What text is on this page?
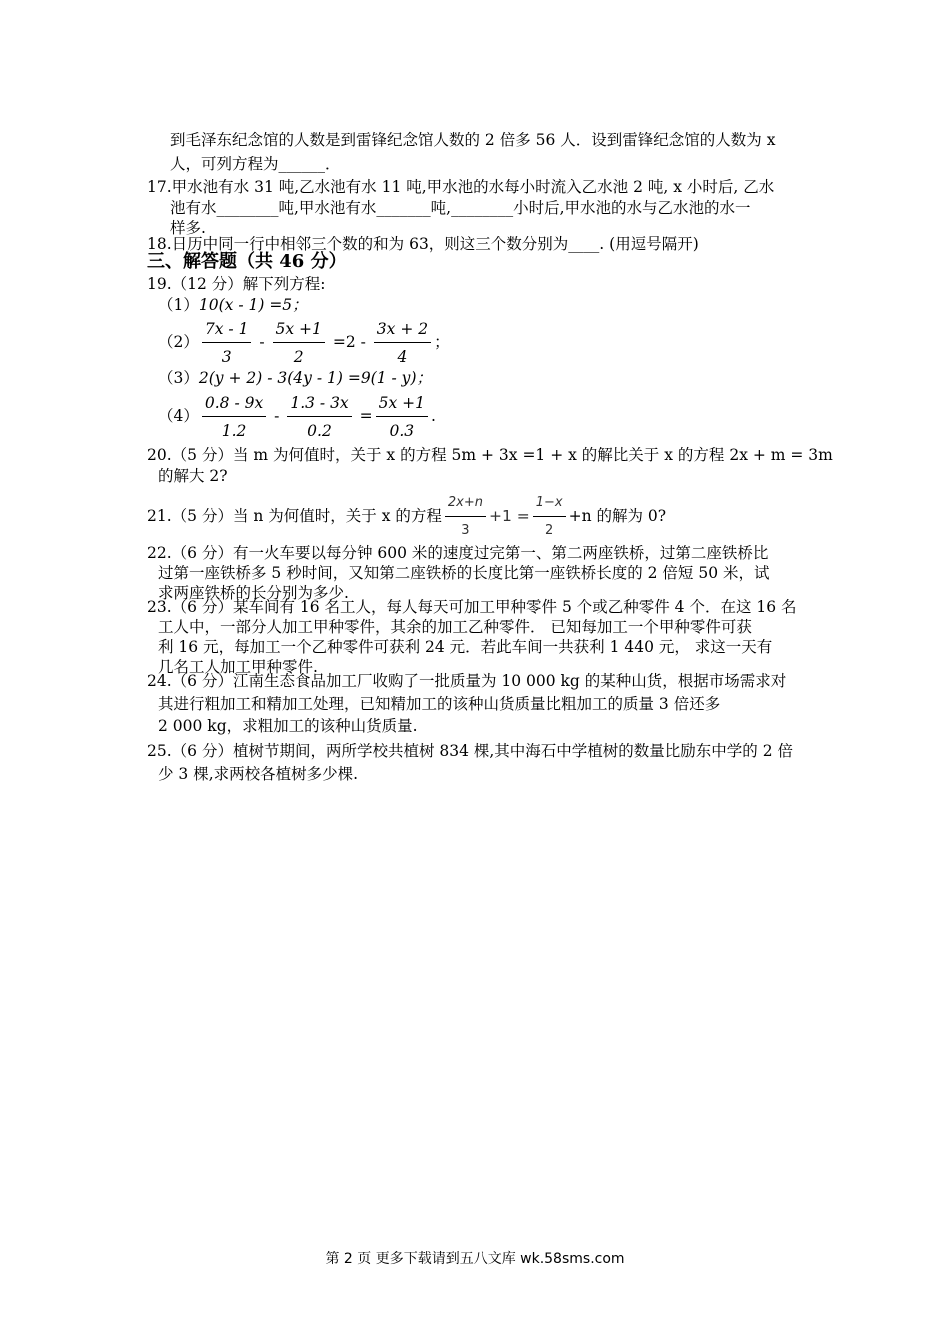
到毛泽东纪念馆的人数是到雷锋纪念馆人数的 2 倍多 56 人．设到雷锋纪念馆的人数为 x
人，可列方程为______．
17.甲水池有水 31 吨,乙水池有水 11 吨,甲水池的水每小时流入乙水池 2 吨, x 小时后, 乙水
池有水________吨,甲水池有水_______吨,________小时后,甲水池的水与乙水池的水一
样多.
18.日历中同一行中相邻三个数的和为 63，则这三个数分别为____. (用逗号隔开)
三、解答题（共 46 分）
19.（12 分）解下列方程:
（1）10(x - 1) =5；
$(2) \frac{7x - 1}{3} - \frac{5x +1}{2} =2 - \frac{3x + 2}{4}$ ；
（3）2(y + 2) - 3(4y - 1) =9(1 - y)；
$(4) \frac{0.8 - 9x}{1.2} - \frac{1.3 - 3x}{0.2} = \frac{5x +1}{0.3}$ .
20.（5 分）当 m 为何值时，关于 x 的方程 5m + 3x =1 + x 的解比关于 x 的方程 2x + m = 3m
的解大 2?
21.（5 分）当 n 为何值时，关于 x 的方程 $\frac{2x+n}{3} +1 = \frac{1-x}{2} +n$ 的解为 0?
22.（6 分）有一火车要以每分钟 600 米的速度过完第一、第二两座铁桥，过第二座铁桥比
过第一座铁桥多 5 秒时间，又知第二座铁桥的长度比第一座铁桥长度的 2 倍短 50 米，试
求两座铁桥的长分别为多少.
23.（6 分）某车间有 16 名工人，每人每天可加工甲种零件 5 个或乙种零件 4 个．在这 16 名
工人中，一部分人加工甲种零件，其余的加工乙种零件． 已知每加工一个甲种零件可获
利 16 元，每加工一个乙种零件可获利 24 元．若此车间一共获利 1 440 元， 求这一天有
几名工人加工甲种零件.
24.（6 分）江南生态食品加工厂收购了一批质量为 10 000 kg 的某种山货，根据市场需求对
其进行粗加工和精加工处理，已知精加工的该种山货质量比粗加工的质量 3 倍还多
2 000 kg，求粗加工的该种山货质量.
25.（6 分）植树节期间，两所学校共植树 834 棵,其中海石中学植树的数量比励东中学的 2 倍
少 3 棵,求两校各植树多少棵.
第 2 页 更多下载请到五八文库 wk.58sms.com
